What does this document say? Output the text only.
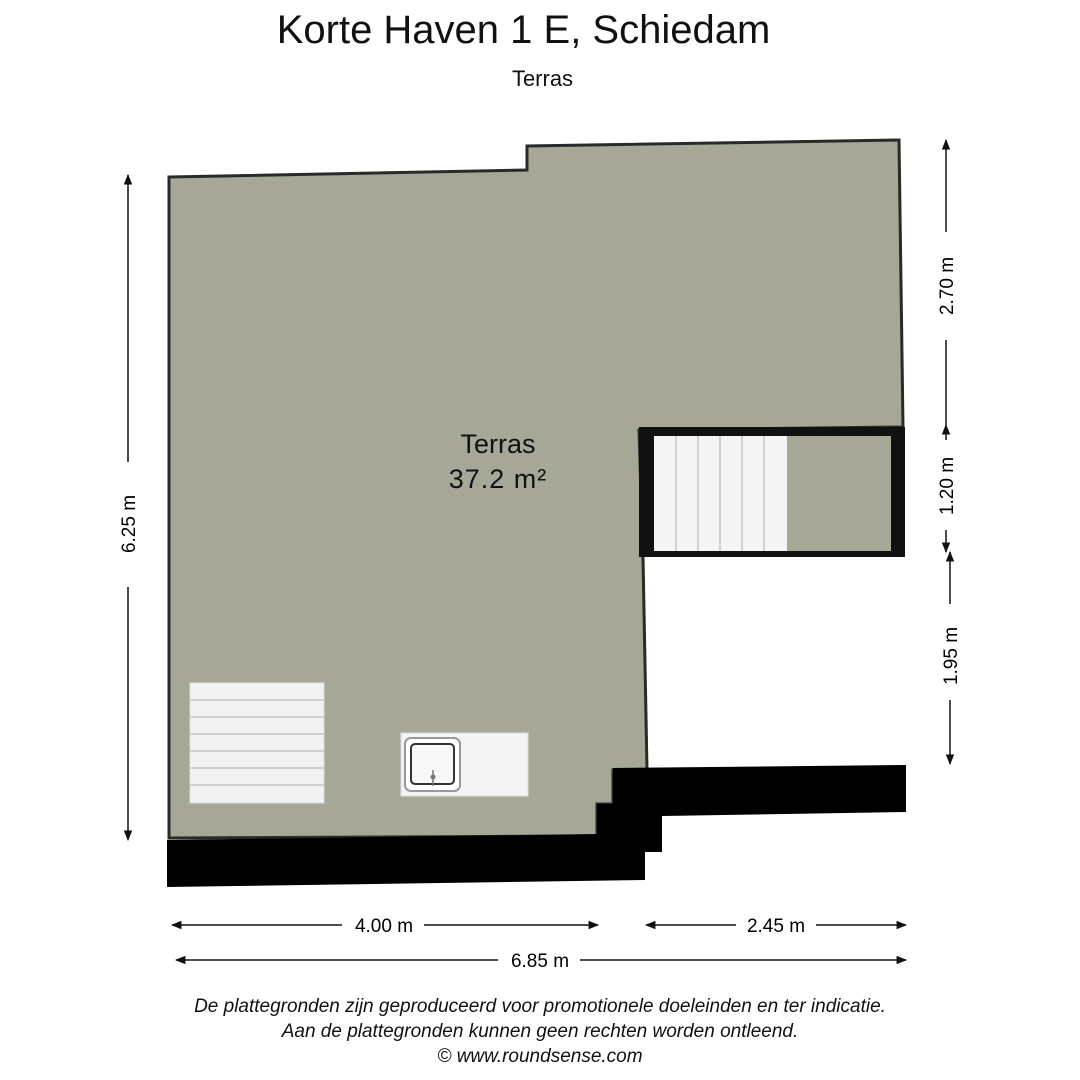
Korte Haven 1 E, Schiedam
Terras
Terras
37.2 m²
6.25 m
2.70 m
1.20 m
1.95 m
4.00 m	2.45 m
6.85 m
De plattegronden zijn geproduceerd voor promotionele doeleinden en ter indicatie.
Aan de plattegronden kunnen geen rechten worden ontleend.
© www.roundsense.com
